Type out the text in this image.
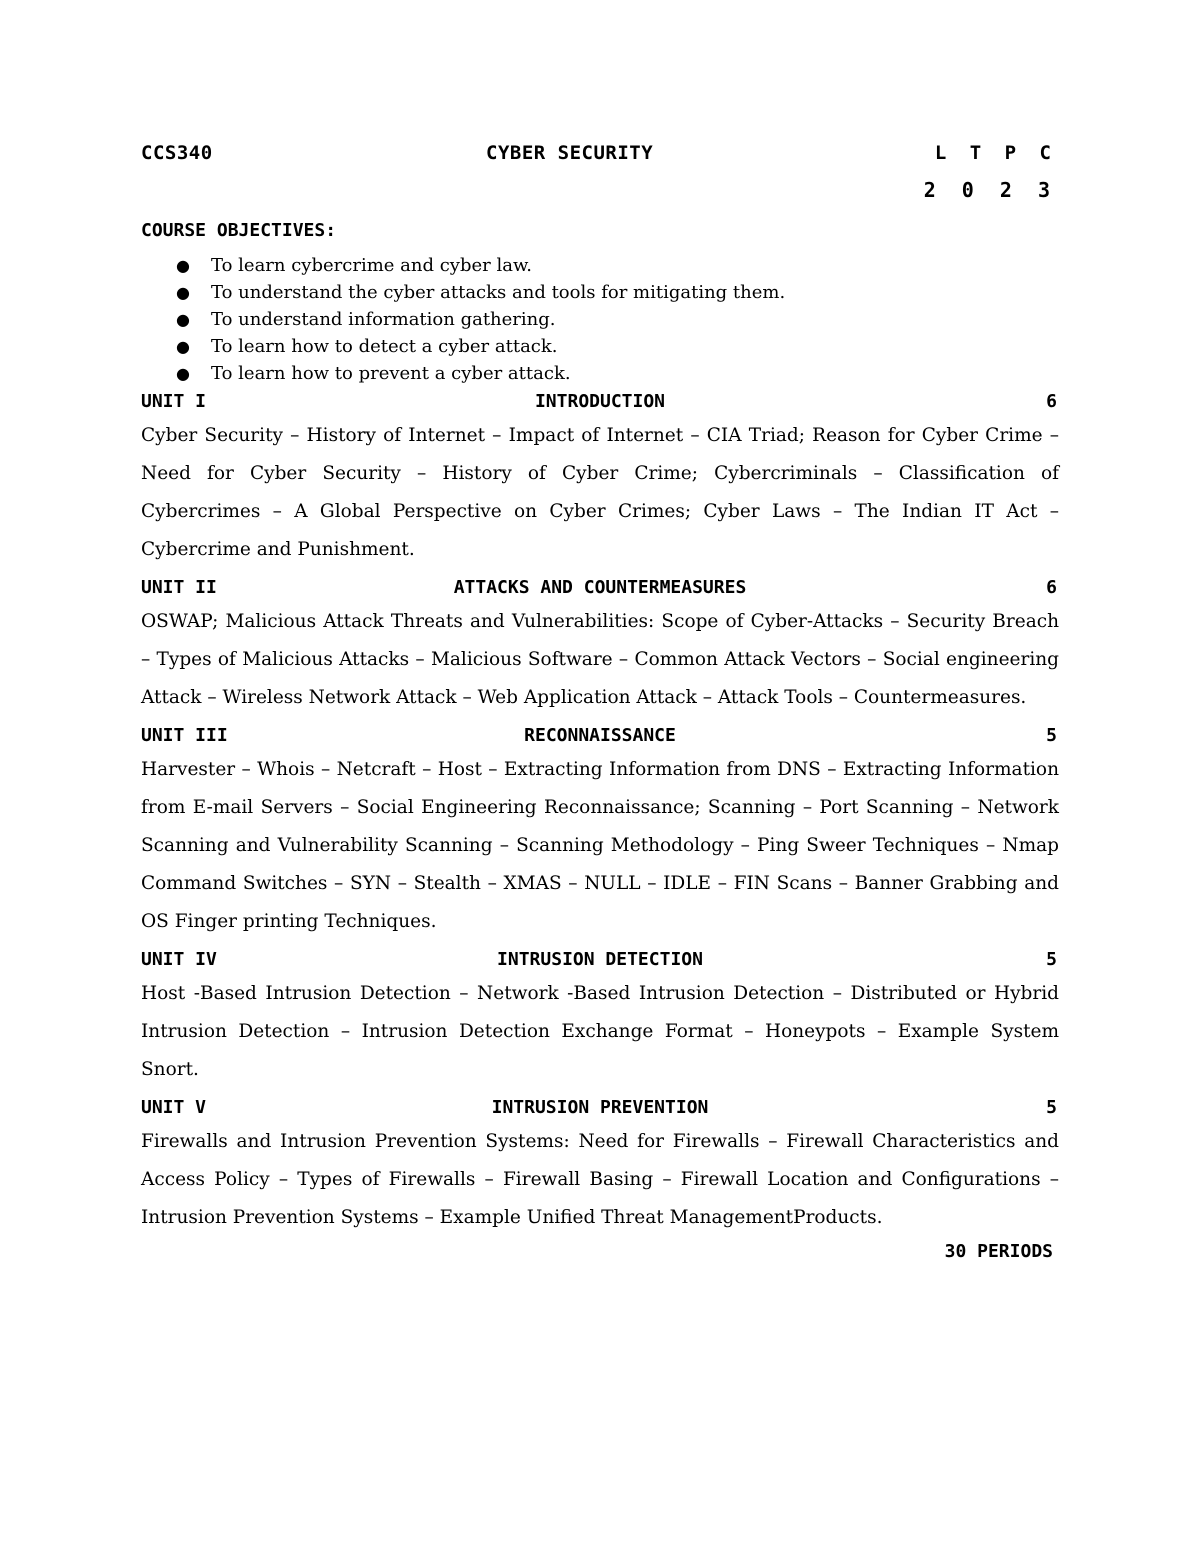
CCS340	CYBER SECURITY	L T P C
2 0 2 3
COURSE OBJECTIVES:
● To learn cybercrime and cyber law.
● To understand the cyber attacks and tools for mitigating them.
● To understand information gathering.
● To learn how to detect a cyber attack.
● To learn how to prevent a cyber attack.
UNIT I	INTRODUCTION	6

Cyber Security – History of Internet – Impact of Internet – CIA Triad; Reason for Cyber Crime – Need for Cyber Security – History of Cyber Crime; Cybercriminals – Classification of Cybercrimes – A Global Perspective on Cyber Crimes; Cyber Laws – The Indian IT Act – Cybercrime and Punishment.

UNIT II	ATTACKS AND COUNTERMEASURES	6

OSWAP; Malicious Attack Threats and Vulnerabilities: Scope of Cyber-Attacks – Security Breach – Types of Malicious Attacks – Malicious Software – Common Attack Vectors – Social engineering Attack – Wireless Network Attack – Web Application Attack – Attack Tools – Countermeasures.

UNIT III	RECONNAISSANCE	5

Harvester – Whois – Netcraft – Host – Extracting Information from DNS – Extracting Information from E-mail Servers – Social Engineering Reconnaissance; Scanning – Port Scanning – Network Scanning and Vulnerability Scanning – Scanning Methodology – Ping Sweer Techniques – Nmap Command Switches – SYN – Stealth – XMAS – NULL – IDLE – FIN Scans – Banner Grabbing and OS Finger printing Techniques.

UNIT IV	INTRUSION DETECTION	5

Host -Based Intrusion Detection – Network -Based Intrusion Detection – Distributed or Hybrid Intrusion Detection – Intrusion Detection Exchange Format – Honeypots – Example System Snort.

UNIT V	INTRUSION PREVENTION	5

Firewalls and Intrusion Prevention Systems: Need for Firewalls – Firewall Characteristics and Access Policy – Types of Firewalls – Firewall Basing – Firewall Location and Configurations – Intrusion Prevention Systems – Example Unified Threat ManagementProducts.

30 PERIODS
